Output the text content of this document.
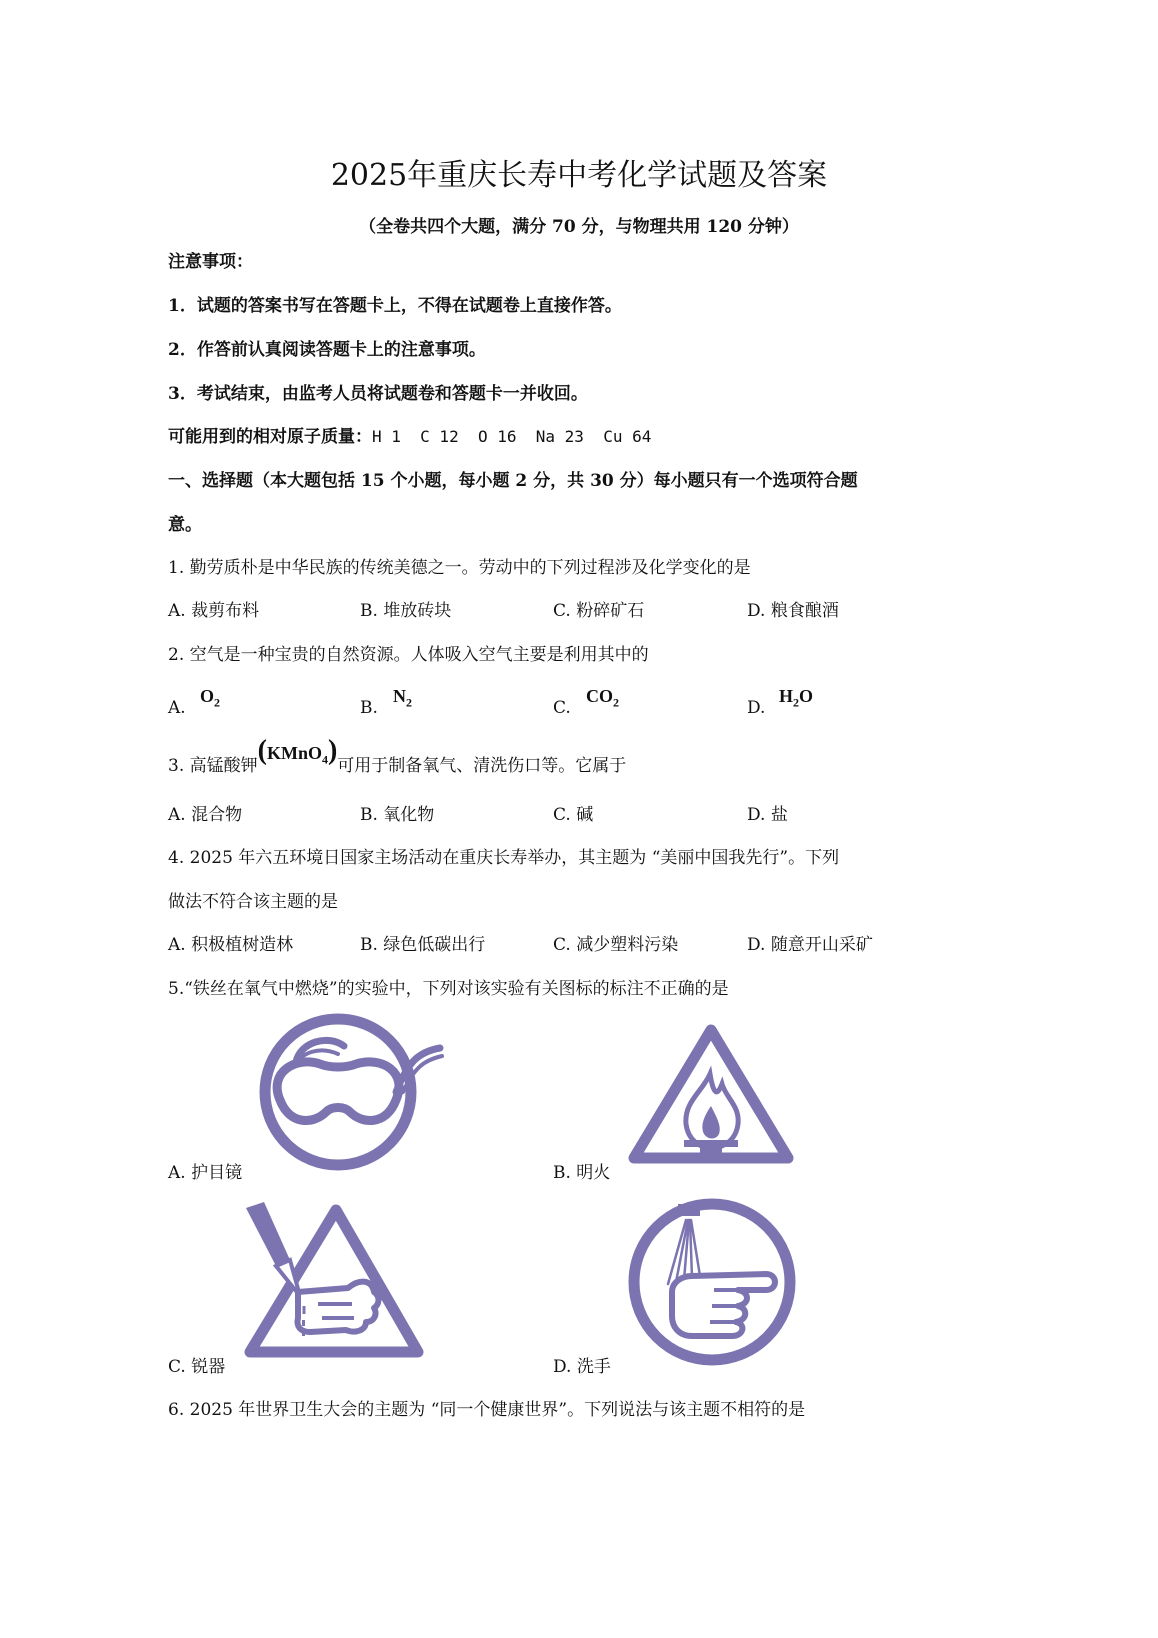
2025年重庆长寿中考化学试题及答案
（全卷共四个大题，满分 70 分，与物理共用 120 分钟）
注意事项：
1．试题的答案书写在答题卡上，不得在试题卷上直接作答。
2．作答前认真阅读答题卡上的注意事项。
3．考试结束，由监考人员将试题卷和答题卡一并收回。
可能用到的相对原子质量：H 1  C 12  O 16  Na 23  Cu 64
一、选择题（本大题包括 15 个小题，每小题 2 分，共 30 分）每小题只有一个选项符合题
意。
1. 勤劳质朴是中华民族的传统美德之一。劳动中的下列过程涉及化学变化的是
A. 裁剪布料	B. 堆放砖块	C. 粉碎矿石	D. 粮食酿酒
2. 空气是一种宝贵的自然资源。人体吸入空气主要是利用其中的
A.
$O_2$	B.
$N_2$	C.
$CO_2$	D.
$H_2O$
3. 高锰酸钾 (KMnO$_4$) 可用于制备氧气、清洗伤口等。它属于
A. 混合物	B. 氧化物	C. 碱	D. 盐
4. 2025 年六五环境日国家主场活动在重庆长寿举办，其主题为 “美丽中国我先行”。下列
做法不符合该主题的是
A. 积极植树造林	B. 绿色低碳出行	C. 减少塑料污染	D. 随意开山采矿
5.“铁丝在氧气中燃烧”的实验中，下列对该实验有关图标的标注不正确的是
A. 护目镜	B. 明火
C. 锐器	D. 洗手
6. 2025 年世界卫生大会的主题为 “同一个健康世界”。下列说法与该主题不相符的是
